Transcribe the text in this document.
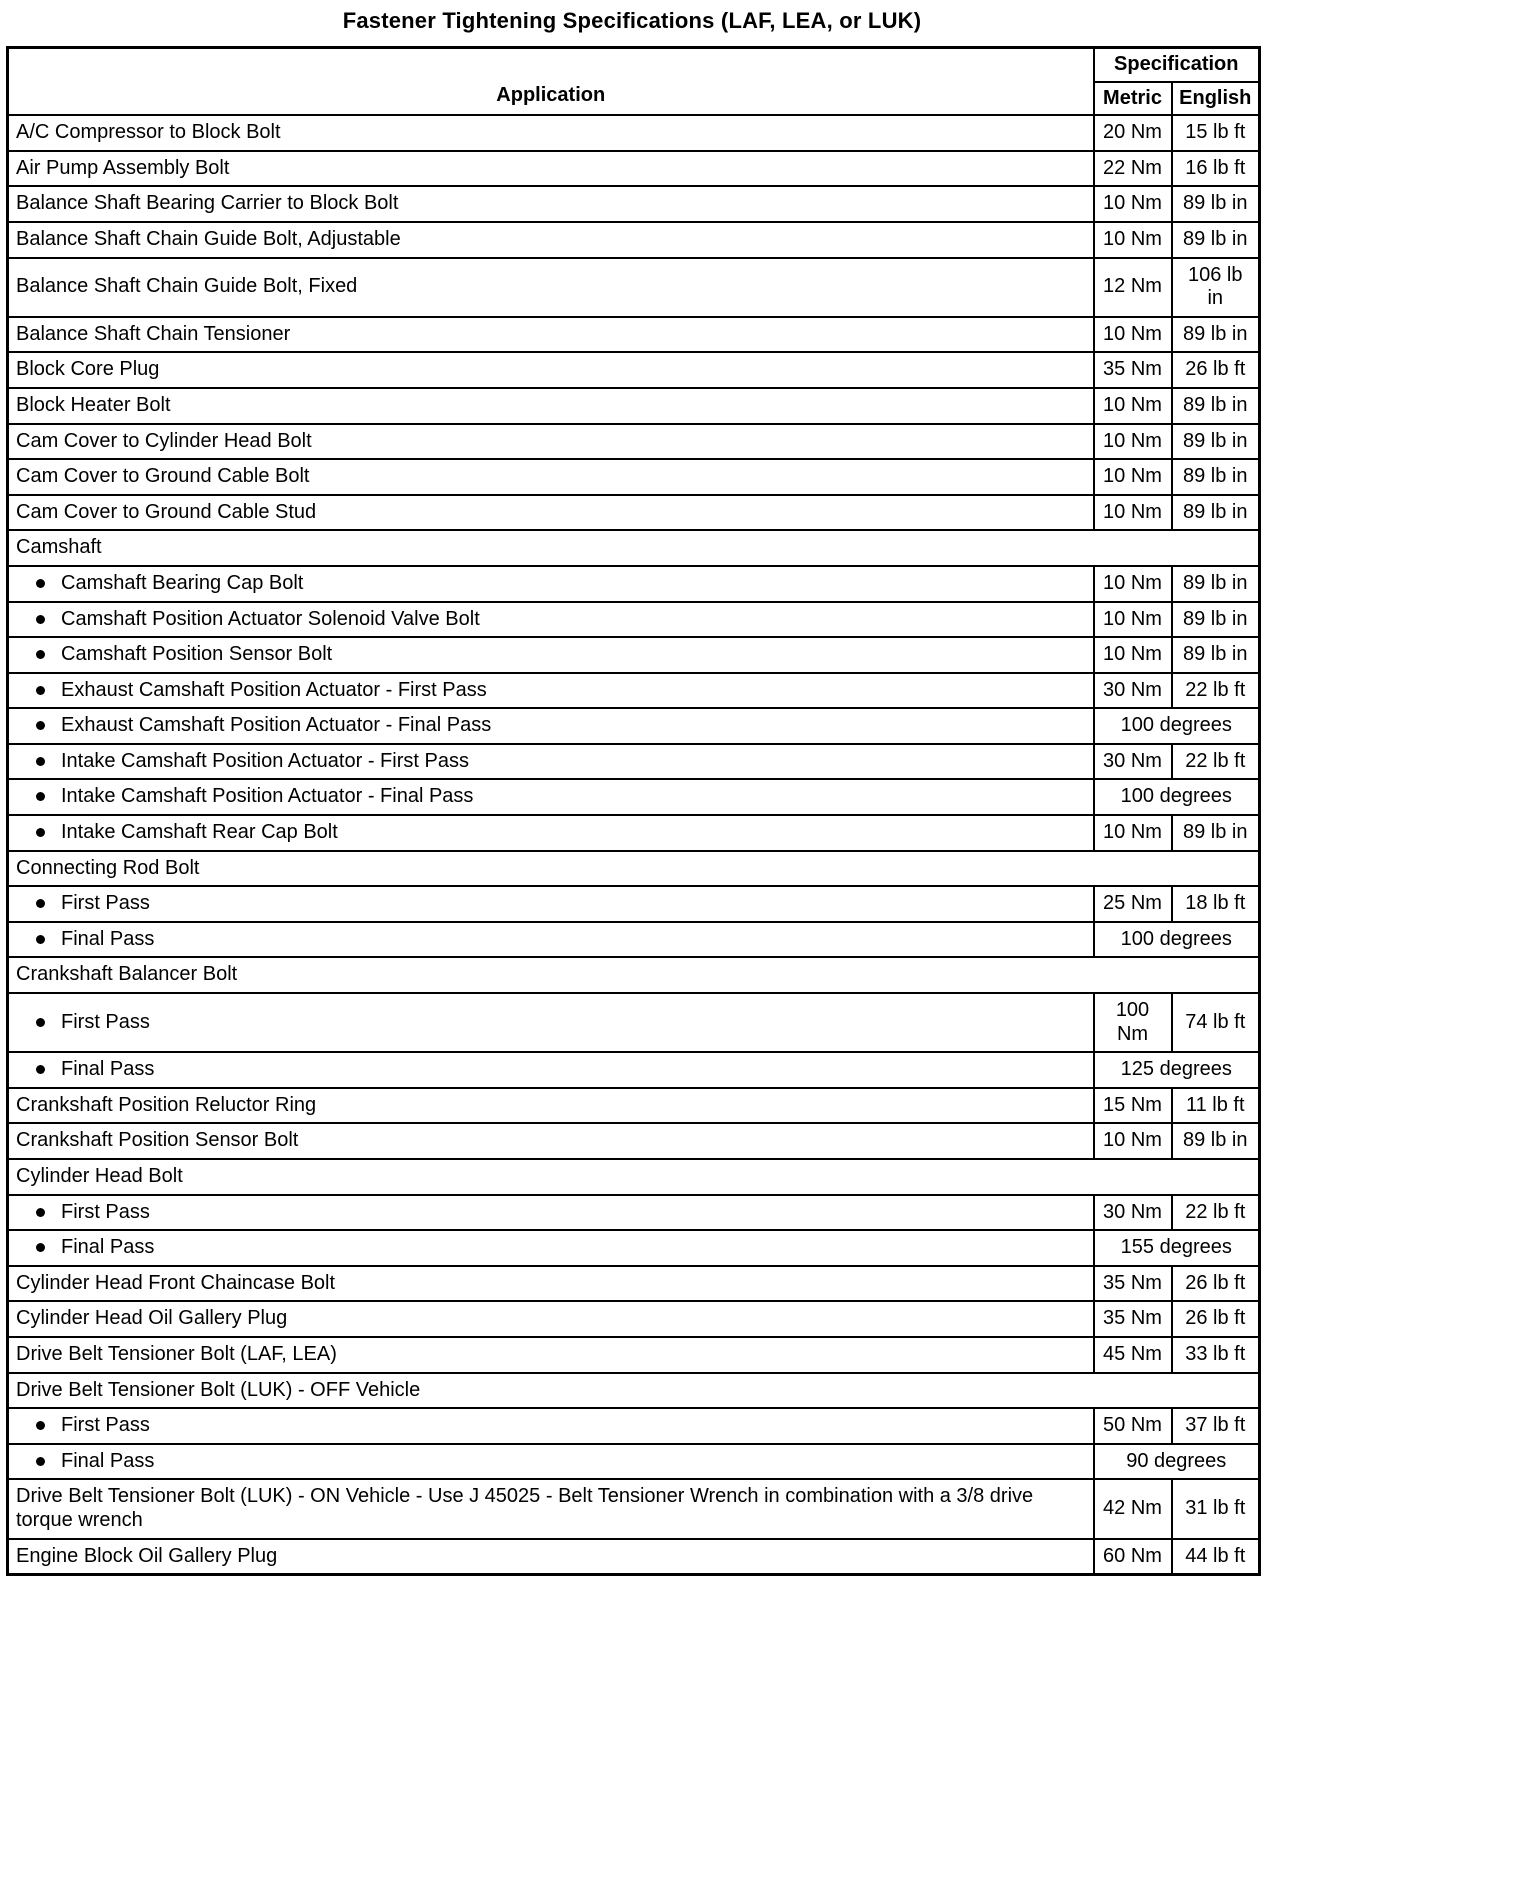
Fastener Tightening Specifications (LAF, LEA, or LUK)
Application	Specification	
	Metric	English
A/C Compressor to Block Bolt	20 Nm	15 lb ft
Air Pump Assembly Bolt	22 Nm	16 lb ft
Balance Shaft Bearing Carrier to Block Bolt	10 Nm	89 lb in
Balance Shaft Chain Guide Bolt, Adjustable	10 Nm	89 lb in
Balance Shaft Chain Guide Bolt, Fixed	12 Nm	106 lb in
Balance Shaft Chain Tensioner	10 Nm	89 lb in
Block Core Plug	35 Nm	26 lb ft
Block Heater Bolt	10 Nm	89 lb in
Cam Cover to Cylinder Head Bolt	10 Nm	89 lb in
Cam Cover to Ground Cable Bolt	10 Nm	89 lb in
Cam Cover to Ground Cable Stud	10 Nm	89 lb in
Camshaft		
Camshaft Bearing Cap Bolt	10 Nm	89 lb in
Camshaft Position Actuator Solenoid Valve Bolt	10 Nm	89 lb in
Camshaft Position Sensor Bolt	10 Nm	89 lb in
Exhaust Camshaft Position Actuator - First Pass	30 Nm	22 lb ft
Exhaust Camshaft Position Actuator - Final Pass	100 degrees	
Intake Camshaft Position Actuator - First Pass	30 Nm	22 lb ft
Intake Camshaft Position Actuator - Final Pass	100 degrees	
Intake Camshaft Rear Cap Bolt	10 Nm	89 lb in
Connecting Rod Bolt		
First Pass	25 Nm	18 lb ft
Final Pass	100 degrees	
Crankshaft Balancer Bolt		
First Pass	100 Nm	74 lb ft
Final Pass	125 degrees	
Crankshaft Position Reluctor Ring	15 Nm	11 lb ft
Crankshaft Position Sensor Bolt	10 Nm	89 lb in
Cylinder Head Bolt		
First Pass	30 Nm	22 lb ft
Final Pass	155 degrees	
Cylinder Head Front Chaincase Bolt	35 Nm	26 lb ft
Cylinder Head Oil Gallery Plug	35 Nm	26 lb ft
Drive Belt Tensioner Bolt (LAF, LEA)	45 Nm	33 lb ft
Drive Belt Tensioner Bolt (LUK) - OFF Vehicle		
First Pass	50 Nm	37 lb ft
Final Pass	90 degrees	
Drive Belt Tensioner Bolt (LUK) - ON Vehicle - Use J 45025 - Belt Tensioner Wrench in combination with a 3/8 drive torque wrench	42 Nm	31 lb ft
Engine Block Oil Gallery Plug	60 Nm	44 lb ft
